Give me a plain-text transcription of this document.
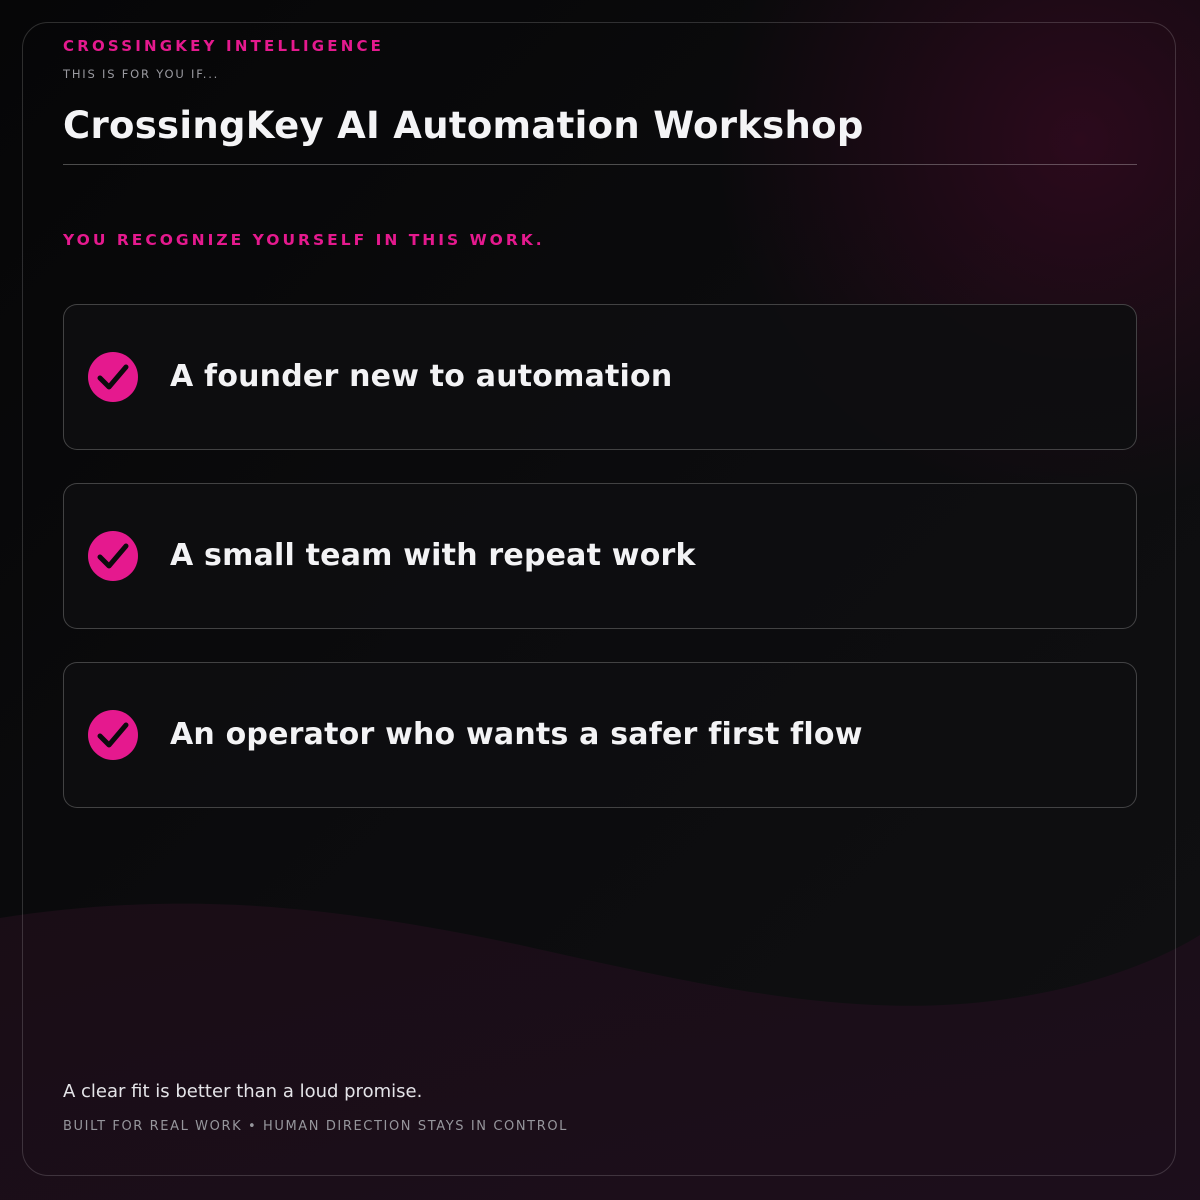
CROSSINGKEY INTELLIGENCE
THIS IS FOR YOU IF...
CrossingKey AI Automation Workshop
YOU RECOGNIZE YOURSELF IN THIS WORK.
A founder new to automation
A small team with repeat work
An operator who wants a safer first flow
A clear fit is better than a loud promise.
BUILT FOR REAL WORK • HUMAN DIRECTION STAYS IN CONTROL
